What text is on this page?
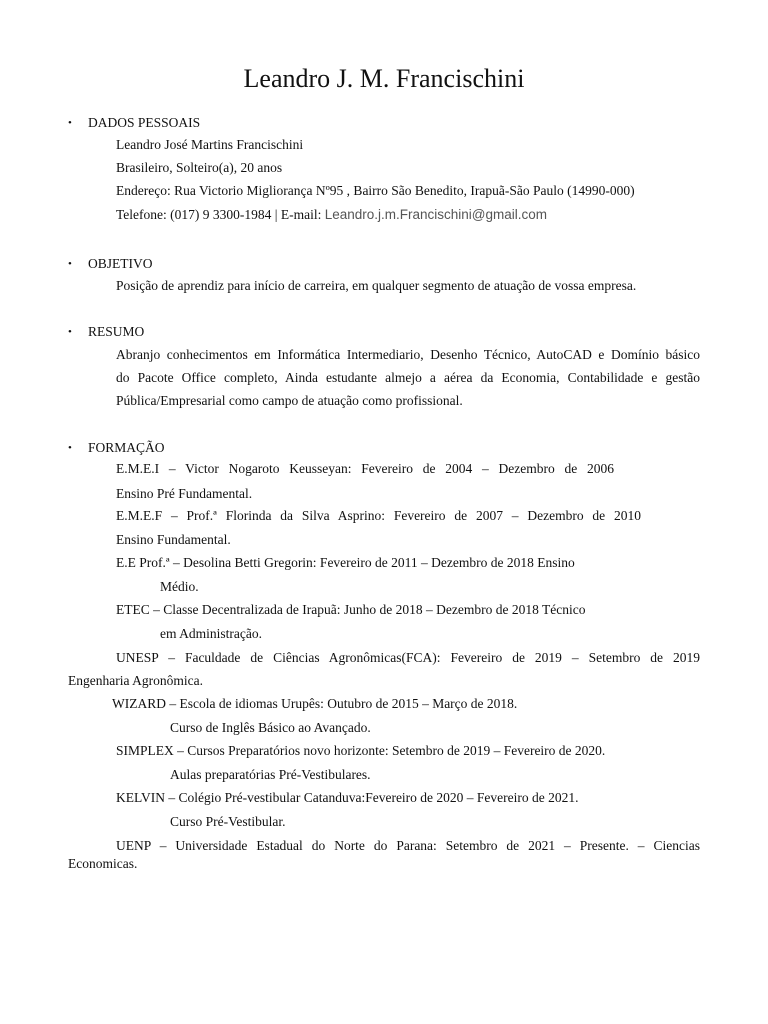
Leandro J. M. Francischini
• DADOS PESSOAIS
Leandro José Martins Francischini
Brasileiro, Solteiro(a), 20 anos
Endereço: Rua Victorio Migliorança Nº95 , Bairro São Benedito, Irapuã-São Paulo (14990-000)
Telefone: (017) 9 3300-1984 | E-mail: Leandro.j.m.Francischini@gmail.com
• OBJETIVO
Posição de aprendiz para início de carreira, em qualquer segmento de atuação de vossa empresa.
• RESUMO
Abranjo conhecimentos em Informática Intermediario, Desenho Técnico, AutoCAD e Domínio básico
do Pacote Office completo, Ainda estudante almejo a aérea da Economia, Contabilidade e gestão
Pública/Empresarial como campo de atuação como profissional.
• FORMAÇÃO
E.M.E.I – Victor Nogaroto Keusseyan: Fevereiro de 2004 – Dezembro de 2006
Ensino Pré Fundamental.
E.M.E.F – Prof.ª Florinda da Silva Asprino: Fevereiro de 2007 – Dezembro de 2010
Ensino Fundamental.
E.E Prof.ª – Desolina Betti Gregorin: Fevereiro de 2011 – Dezembro de 2018 Ensino
Médio.
ETEC – Classe Decentralizada de Irapuã: Junho de 2018 – Dezembro de 2018 Técnico
em Administração.
UNESP – Faculdade de Ciências Agronômicas(FCA): Fevereiro de 2019 – Setembro de 2019
Engenharia Agronômica.
WIZARD – Escola de idiomas Urupês: Outubro de 2015 – Março de 2018.
Curso de Inglês Básico ao Avançado.
SIMPLEX – Cursos Preparatórios novo horizonte: Setembro de 2019 – Fevereiro de 2020.
Aulas preparatórias Pré-Vestibulares.
KELVIN – Colégio Pré-vestibular Catanduva:Fevereiro de 2020 – Fevereiro de 2021.
Curso Pré-Vestibular.
UENP – Universidade Estadual do Norte do Parana: Setembro de 2021 – Presente. – Ciencias
Economicas.
